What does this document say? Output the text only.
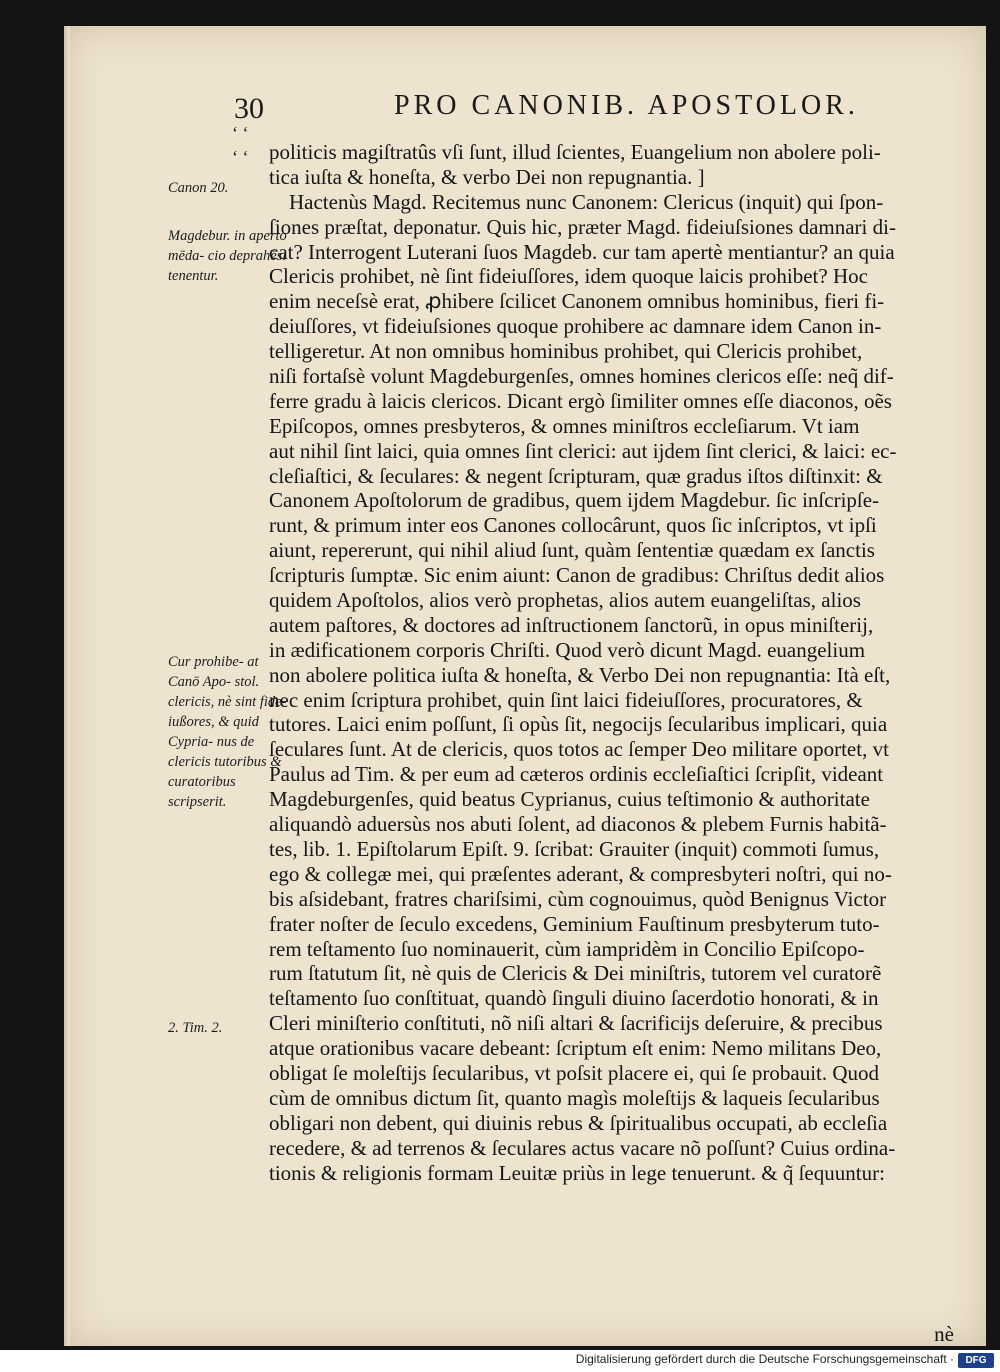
30	PRO CANONIB. APOSTOLOR.
‘ ‘
‘ ‘
Canon 20.
Magdebur. in aperto mēda- cio deprahēsi tenentur.
Cur prohibe- at Canō Apo- stol. clericis, nè sint fide- iußores, & quid Cypria- nus de clericis tutoribus & curatoribus scripserit.
2. Tim. 2.
politicis magiſtratûs vſi ſunt, illud ſcientes, Euangelium non abolere poli-
tica iuſta & honeſta, & verbo Dei non repugnantia. ]
Hactenùs Magd. Recitemus nunc Canonem: Clericus (inquit) qui ſpon-
ſiones præſtat, deponatur. Quis hic, præter Magd. fideiuſsiones damnari di-
cat? Interrogent Luterani ſuos Magdeb. cur tam apertè mentiantur? an quia
Clericis prohibet, nè ſint fideiuſſores, idem quoque laicis prohibet? Hoc
enim neceſsè erat, ꝓhibere ſcilicet Canonem omnibus hominibus, fieri fi-
deiuſſores, vt fideiuſsiones quoque prohibere ac damnare idem Canon in-
telligeretur. At non omnibus hominibus prohibet, qui Clericis prohibet,
niſi fortaſsè volunt Magdeburgenſes, omnes homines clericos eſſe: neq̃ dif-
ferre gradu à laicis clericos. Dicant ergò ſimiliter omnes eſſe diaconos, oẽs
Epiſcopos, omnes presbyteros, & omnes miniſtros eccleſiarum. Vt iam
aut nihil ſint laici, quia omnes ſint clerici: aut ijdem ſint clerici, & laici: ec-
cleſiaſtici, & ſeculares: & negent ſcripturam, quæ gradus iſtos diſtinxit: &
Canonem Apoſtolorum de gradibus, quem ijdem Magdebur. ſic inſcripſe-
runt, & primum inter eos Canones collocârunt, quos ſic inſcriptos, vt ipſi
aiunt, repererunt, qui nihil aliud ſunt, quàm ſententiæ quædam ex ſanctis
ſcripturis ſumptæ. Sic enim aiunt: Canon de gradibus: Chriſtus dedit alios
quidem Apoſtolos, alios verò prophetas, alios autem euangeliſtas, alios
autem paſtores, & doctores ad inſtructionem ſanctorũ, in opus miniſterij,
in ædificationem corporis Chriſti. Quod verò dicunt Magd. euangelium
non abolere politica iuſta & honeſta, & Verbo Dei non repugnantia: Ità eſt,
nec enim ſcriptura prohibet, quin ſint laici fideiuſſores, procuratores, &
tutores. Laici enim poſſunt, ſi opùs ſit, negocijs ſecularibus implicari, quia
ſeculares ſunt. At de clericis, quos totos ac ſemper Deo militare oportet, vt
Paulus ad Tim. & per eum ad cæteros ordinis eccleſiaſtici ſcripſit, videant
Magdeburgenſes, quid beatus Cyprianus, cuius teſtimonio & authoritate
aliquandò aduersùs nos abuti ſolent, ad diaconos & plebem Furnis habitã-
tes, lib. 1. Epiſtolarum Epiſt. 9. ſcribat: Grauiter (inquit) commoti ſumus,
ego & collegæ mei, qui præſentes aderant, & compresbyteri noſtri, qui no-
bis aſsidebant, fratres chariſsimi, cùm cognouimus, quòd Benignus Victor
frater noſter de ſeculo excedens, Geminium Fauſtinum presbyterum tuto-
rem teſtamento ſuo nominauerit, cùm iampridèm in Concilio Epiſcopo-
rum ſtatutum ſit, nè quis de Clericis & Dei miniſtris, tutorem vel curatorẽ
teſtamento ſuo conſtituat, quandò ſinguli diuino ſacerdotio honorati, & in
Cleri miniſterio conſtituti, nõ niſi altari & ſacrificijs deſeruire, & precibus
atque orationibus vacare debeant: ſcriptum eſt enim: Nemo militans Deo,
obligat ſe moleſtijs ſecularibus, vt poſsit placere ei, qui ſe probauit. Quod
cùm de omnibus dictum ſit, quanto magìs moleſtijs & laqueis ſecularibus
obligari non debent, qui diuinis rebus & ſpiritualibus occupati, ab eccleſia
recedere, & ad terrenos & ſeculares actus vacare nõ poſſunt? Cuius ordina-
tionis & religionis formam Leuitæ priùs in lege tenuerunt. & q̃ ſequuntur:
nè
Digitalisierung gefördert durch die Deutsche Forschungsgemeinschaft ·	DFG
